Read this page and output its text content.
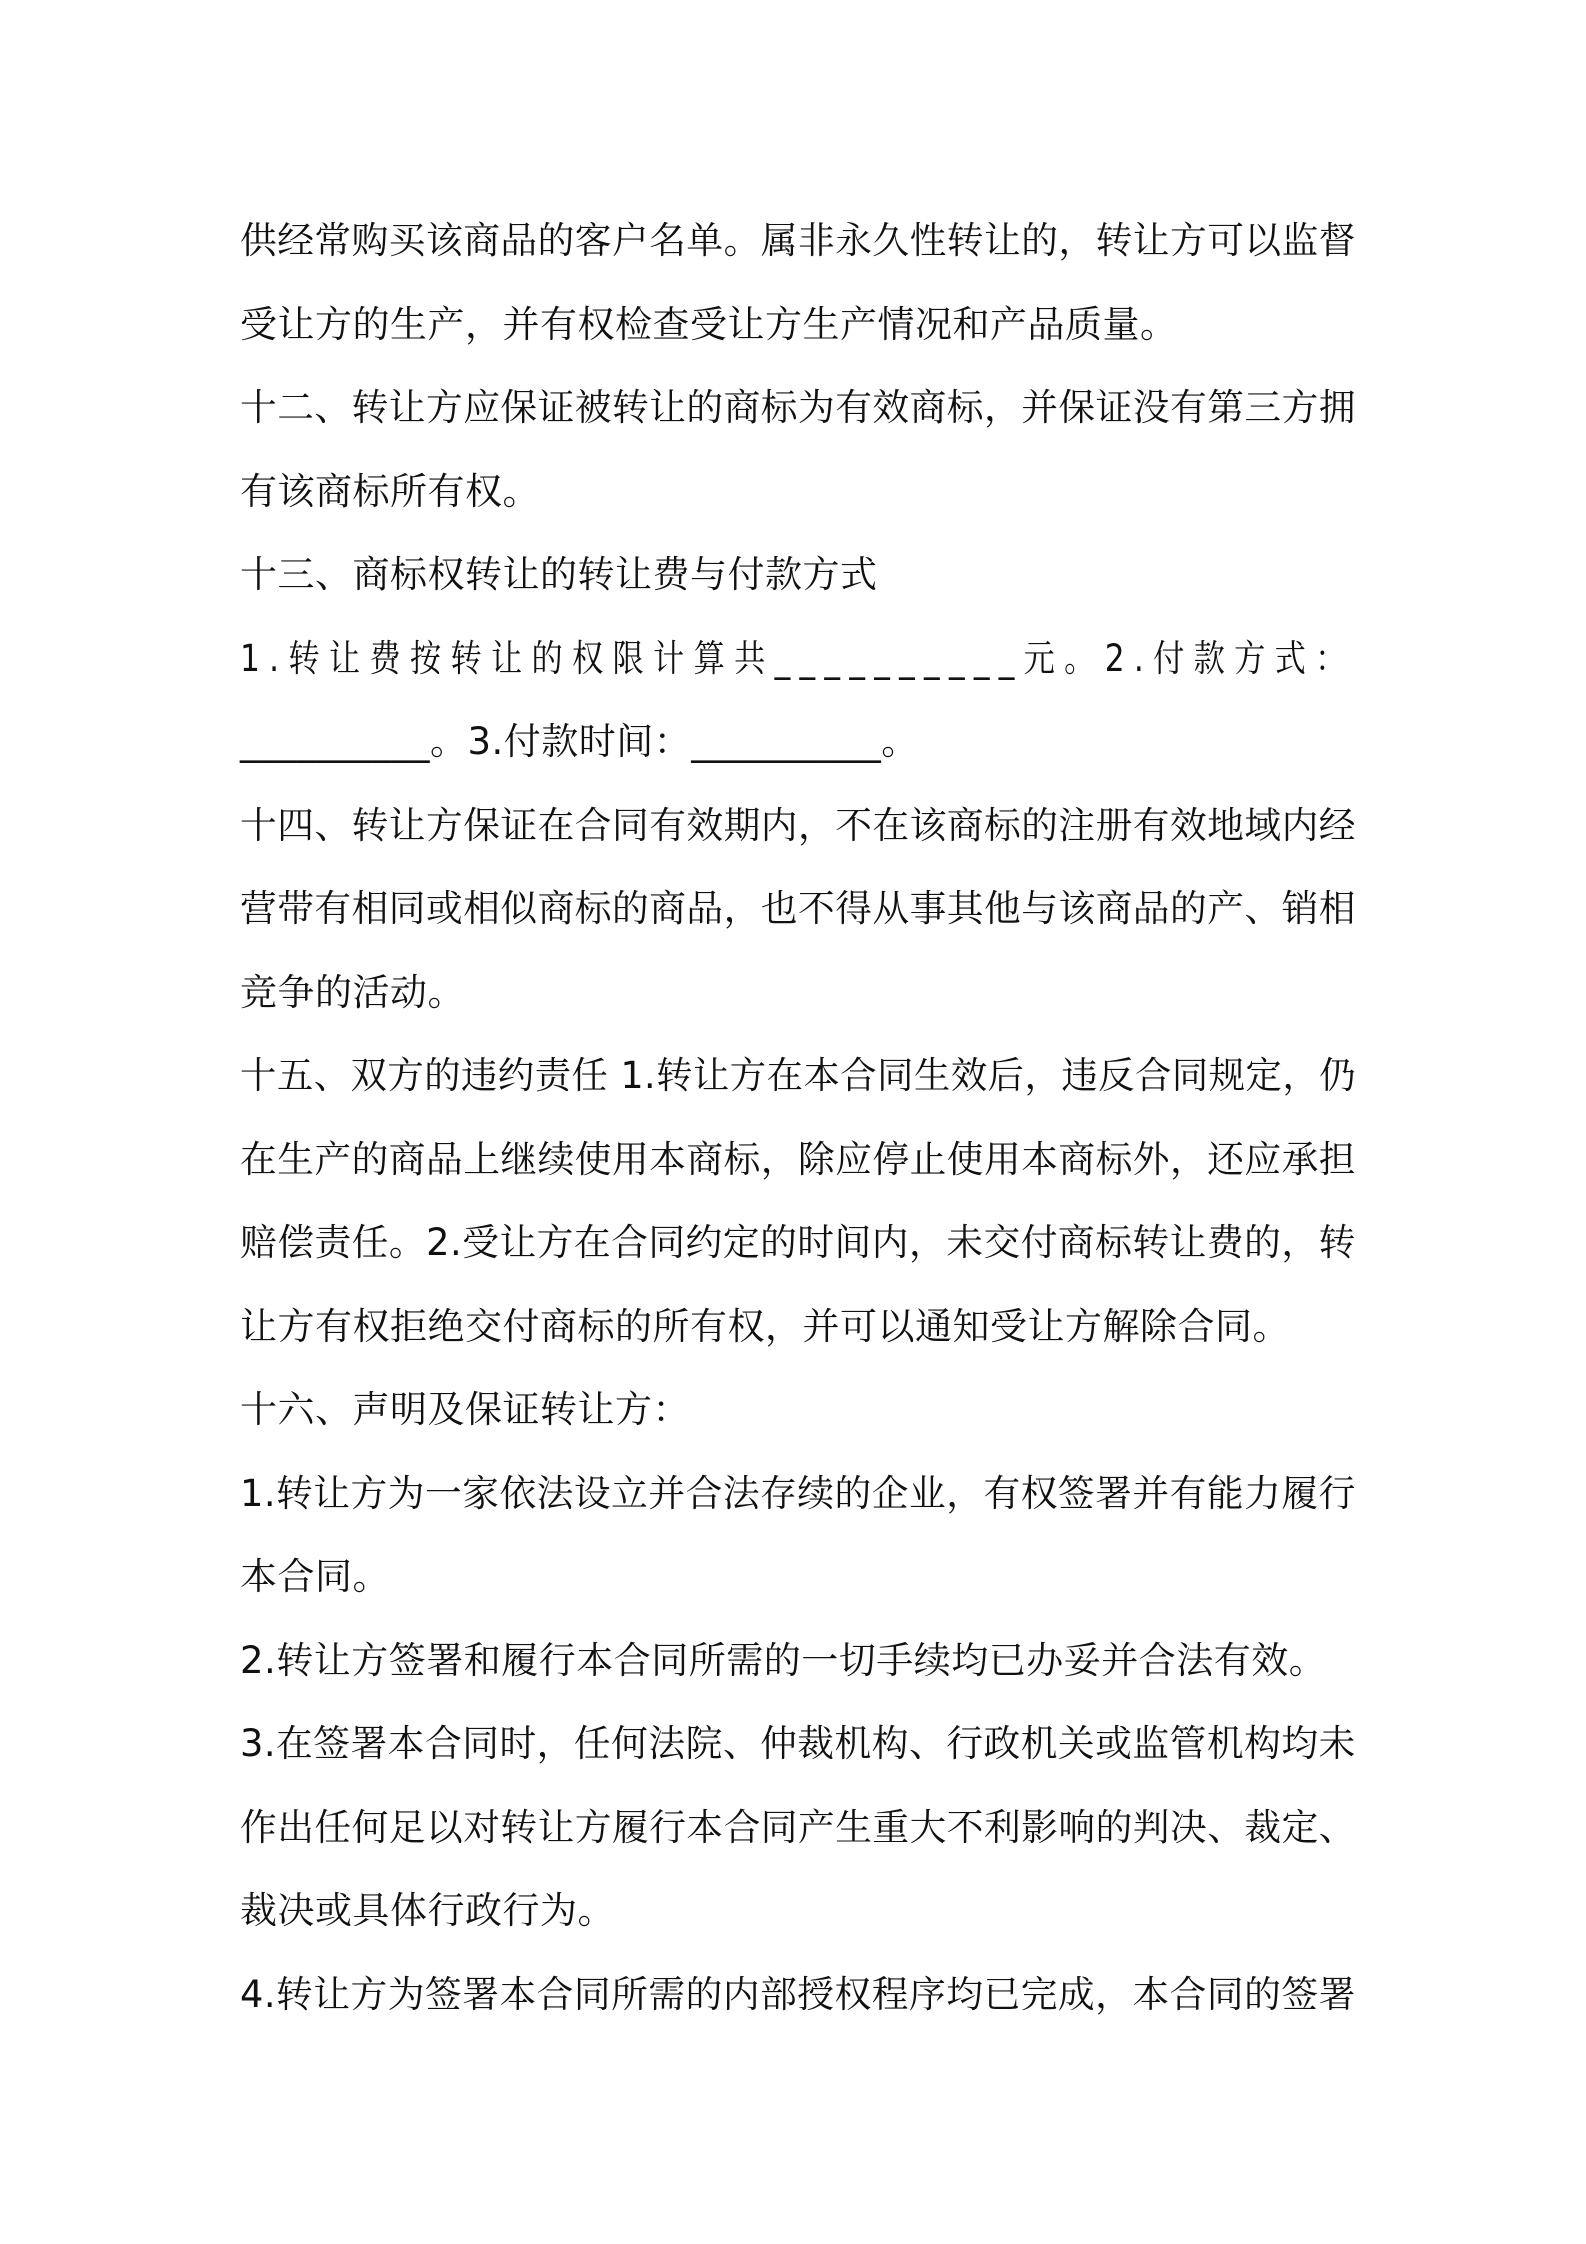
供经常购买该商品的客户名单。属非永久性转让的，转让方可以监督
受让方的生产，并有权检查受让方生产情况和产品质量。

十二、转让方应保证被转让的商标为有效商标，并保证没有第三方拥
有该商标所有权。

十三、商标权转让的转让费与付款方式
1.转让费按转让的权限计算共__________元。2.付款方式：
__________。3.付款时间：__________。

十四、转让方保证在合同有效期内，不在该商标的注册有效地域内经
营带有相同或相似商标的商品，也不得从事其他与该商品的产、销相
竞争的活动。

十五、双方的违约责任 1.转让方在本合同生效后，违反合同规定，仍
在生产的商品上继续使用本商标，除应停止使用本商标外，还应承担
赔偿责任。2.受让方在合同约定的时间内，未交付商标转让费的，转
让方有权拒绝交付商标的所有权，并可以通知受让方解除合同。

十六、声明及保证转让方：

1.转让方为一家依法设立并合法存续的企业，有权签署并有能力履行
本合同。

2.转让方签署和履行本合同所需的一切手续均已办妥并合法有效。

3.在签署本合同时，任何法院、仲裁机构、行政机关或监管机构均未
作出任何足以对转让方履行本合同产生重大不利影响的判决、裁定、
裁决或具体行政行为。

4.转让方为签署本合同所需的内部授权程序均已完成，本合同的签署
